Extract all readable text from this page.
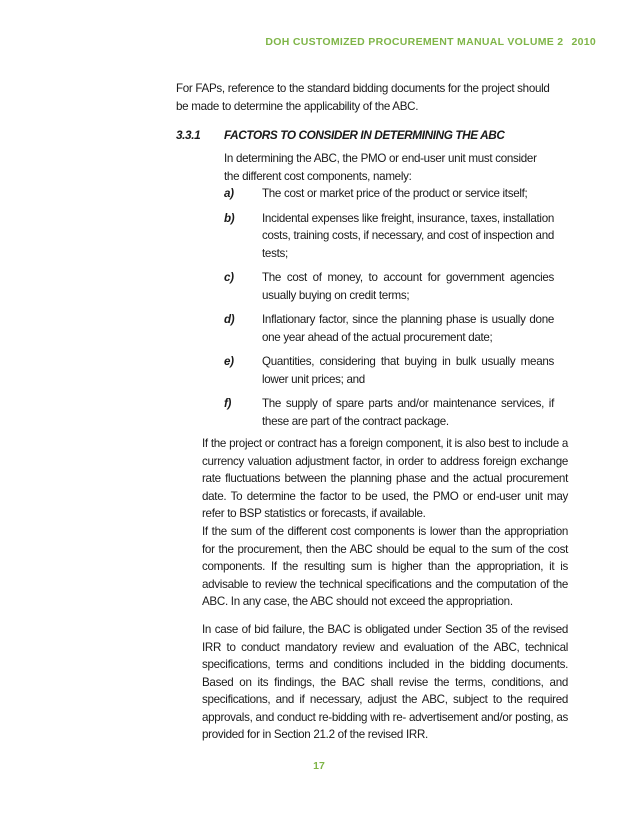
DOH CUSTOMIZED PROCUREMENT MANUAL VOLUME 2 2010
For FAPs, reference to the standard bidding documents for the project should be made to determine the applicability of the ABC.
3.3.1 FACTORS TO CONSIDER IN DETERMINING THE ABC
In determining the ABC, the PMO or end-user unit must consider the different cost components, namely:
a)	The cost or market price of the product or service itself;
b)	Incidental expenses like freight, insurance, taxes, installation costs, training costs, if necessary, and cost of inspection and tests;
c)	The cost of money, to account for government agencies usually buying on credit terms;
d)	Inflationary factor, since the planning phase is usually done one year ahead of the actual procurement date;
e)	Quantities, considering that buying in bulk usually means lower unit prices; and
f)	The supply of spare parts and/or maintenance services, if these are part of the contract package.
If the project or contract has a foreign component, it is also best to include a currency valuation adjustment factor, in order to address foreign exchange rate fluctuations between the planning phase and the actual procurement date. To determine the factor to be used, the PMO or end-user unit may refer to BSP statistics or forecasts, if available.
If the sum of the different cost components is lower than the appropriation for the procurement, then the ABC should be equal to the sum of the cost components. If the resulting sum is higher than the appropriation, it is advisable to review the technical specifications and the computation of the ABC. In any case, the ABC should not exceed the appropriation.
In case of bid failure, the BAC is obligated under Section 35 of the revised IRR to conduct mandatory review and evaluation of the ABC, technical specifications, terms and conditions included in the bidding documents. Based on its findings, the BAC shall revise the terms, conditions, and specifications, and if necessary, adjust the ABC, subject to the required approvals, and conduct re-bidding with re- advertisement and/or posting, as provided for in Section 21.2 of the revised IRR.
17
